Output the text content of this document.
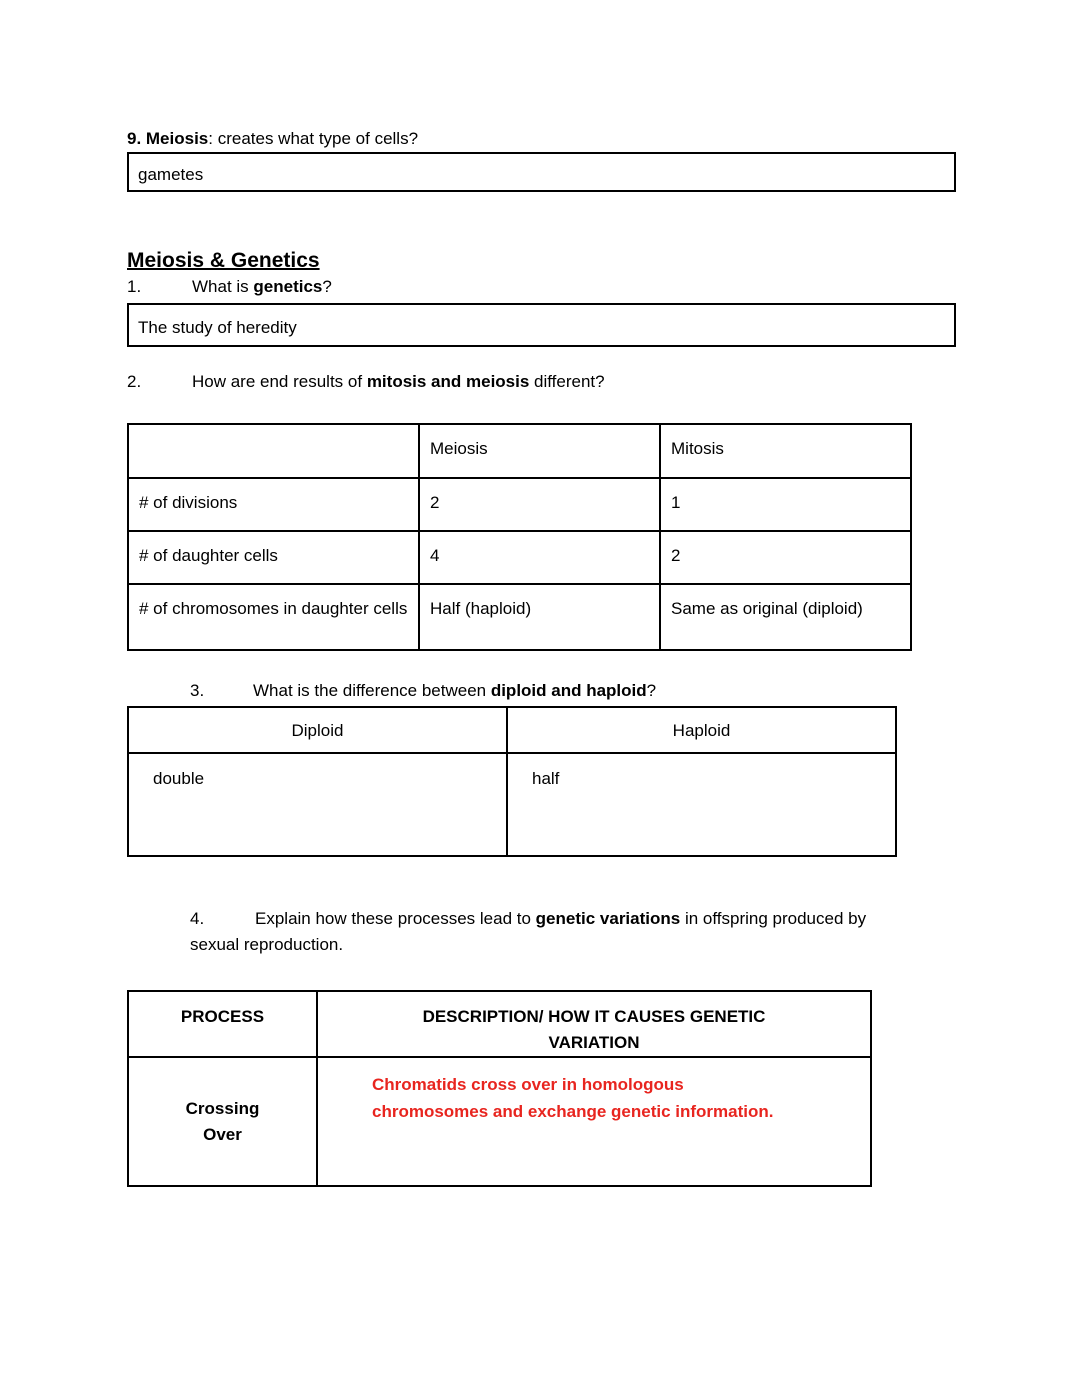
9. Meiosis: creates what type of cells?
gametes
Meiosis & Genetics
1.	What is genetics?
The study of heredity
2.	How are end results of mitosis and meiosis different?
	Meiosis	Mitosis
# of divisions	2	1
# of daughter cells	4	2
# of chromosomes in daughter cells	Half (haploid)	Same as original (diploid)
3.	What is the difference between diploid and haploid?
Diploid	Haploid
double	half
4.	Explain how these processes lead to genetic variations in offspring produced by
sexual reproduction.
PROCESS	DESCRIPTION/ HOW IT CAUSES GENETIC
VARIATION

Crossing
Over	Chromatids cross over in homologous
chromosomes and exchange genetic information.
